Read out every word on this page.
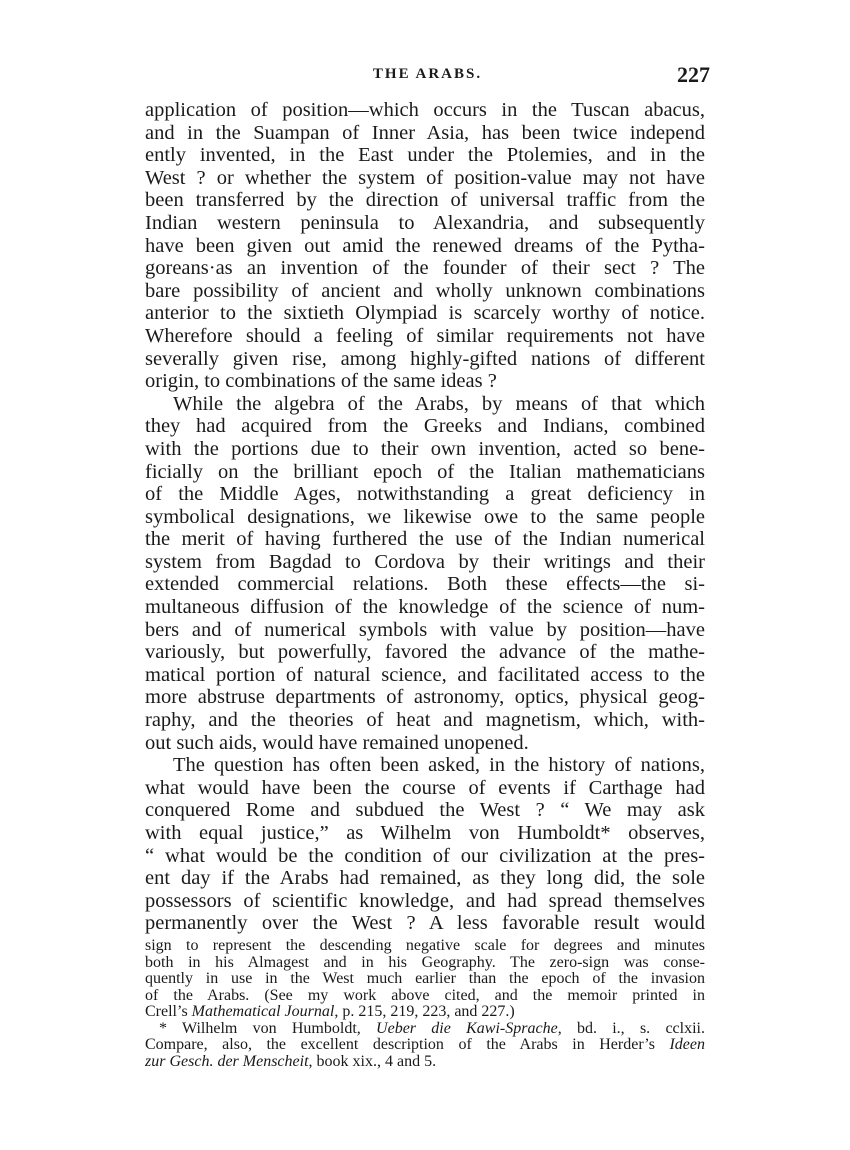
THE ARABS.	227
application of position—which occurs in the Tuscan abacus,
and in the Suampan of Inner Asia, has been twice independ
ently invented, in the East under the Ptolemies, and in the
West ? or whether the system of position-value may not have
been transferred by the direction of universal traffic from the
Indian western peninsula to Alexandria, and subsequently
have been given out amid the renewed dreams of the Pytha-
goreans·as an invention of the founder of their sect ? The
bare possibility of ancient and wholly unknown combinations
anterior to the sixtieth Olympiad is scarcely worthy of notice.
Wherefore should a feeling of similar requirements not have
severally given rise, among highly-gifted nations of different
origin, to combinations of the same ideas ?
While the algebra of the Arabs, by means of that which
they had acquired from the Greeks and Indians, combined
with the portions due to their own invention, acted so bene-
ficially on the brilliant epoch of the Italian mathematicians
of the Middle Ages, notwithstanding a great deficiency in
symbolical designations, we likewise owe to the same people
the merit of having furthered the use of the Indian numerical
system from Bagdad to Cordova by their writings and their
extended commercial relations. Both these effects—the si-
multaneous diffusion of the knowledge of the science of num-
bers and of numerical symbols with value by position—have
variously, but powerfully, favored the advance of the mathe-
matical portion of natural science, and facilitated access to the
more abstruse departments of astronomy, optics, physical geog-
raphy, and the theories of heat and magnetism, which, with-
out such aids, would have remained unopened.
The question has often been asked, in the history of nations,
what would have been the course of events if Carthage had
conquered Rome and subdued the West ? “ We may ask
with equal justice,” as Wilhelm von Humboldt* observes,
“ what would be the condition of our civilization at the pres-
ent day if the Arabs had remained, as they long did, the sole
possessors of scientific knowledge, and had spread themselves
permanently over the West ? A less favorable result would
sign to represent the descending negative scale for degrees and minutes
both in his Almagest and in his Geography. The zero-sign was conse-
quently in use in the West much earlier than the epoch of the invasion
of the Arabs. (See my work above cited, and the memoir printed in
Crell’s Mathematical Journal, p. 215, 219, 223, and 227.)
* Wilhelm von Humboldt, Ueber die Kawi-Sprache, bd. i., s. cclxii.
Compare, also, the excellent description of the Arabs in Herder’s Ideen
zur Gesch. der Menscheit, book xix., 4 and 5.
